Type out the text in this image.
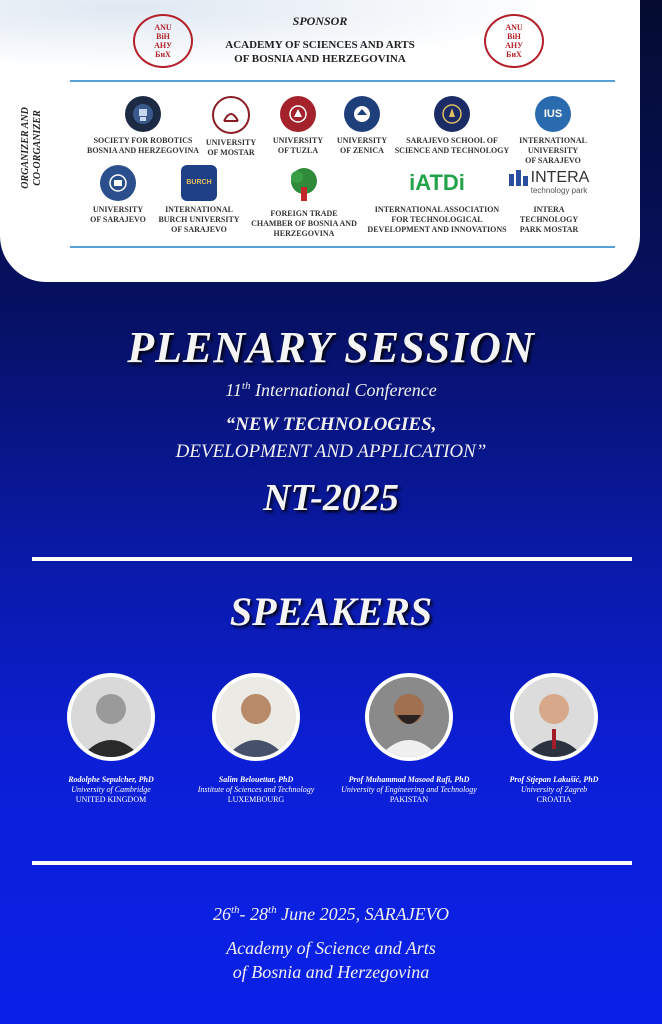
ANU
BiH
АНУ
БиХ
ANU
BiH
АНУ
БиХ
SPONSOR
ACADEMY OF SCIENCES AND ARTS
OF BOSNIA AND HERZEGOVINA
ORGANIZER AND CO-ORGANIZER	SOCIETY FOR ROBOTICS
BOSNIA AND HERZEGOVINA
UNIVERSITY
OF MOSTAR
UNIVERSITY
OF TUZLA
UNIVERSITY
OF ZENICA
SARAJEVO SCHOOL OF
SCIENCE AND TECHNOLOGY
IUS
INTERNATIONAL
UNIVERSITY
OF SARAJEVO
UNIVERSITY
OF SARAJEVO
BURCH
INTERNATIONAL
BURCH UNIVERSITY
OF SARAJEVO
FOREIGN TRADE
CHAMBER OF BOSNIA AND
HERZEGOVINA
iATDi
INTERNATIONAL ASSOCIATION
FOR TECHNOLOGICAL
DEVELOPMENT AND INNOVATIONS
INTERA
technology park
INTERA
TECHNOLOGY
PARK MOSTAR
PLENARY SESSION
11th International Conference
“NEW TECHNOLOGIES,
DEVELOPMENT AND APPLICATION”
NT-2025
SPEAKERS
Rodolphe Sepulcher, PhD
University of Cambridge
UNITED KINGDOM
Salim Belouettar, PhD
Institute of Sciences and Technology
LUXEMBOURG
Prof Muhammad Masood Rafi, PhD
University of Engineering and Technology
PAKISTAN
Prof Stjepan Lakušić, PhD
University of Zagreb
CROATIA
26th- 28th June 2025, SARAJEVO
Academy of Science and Arts
of Bosnia and Herzegovina
